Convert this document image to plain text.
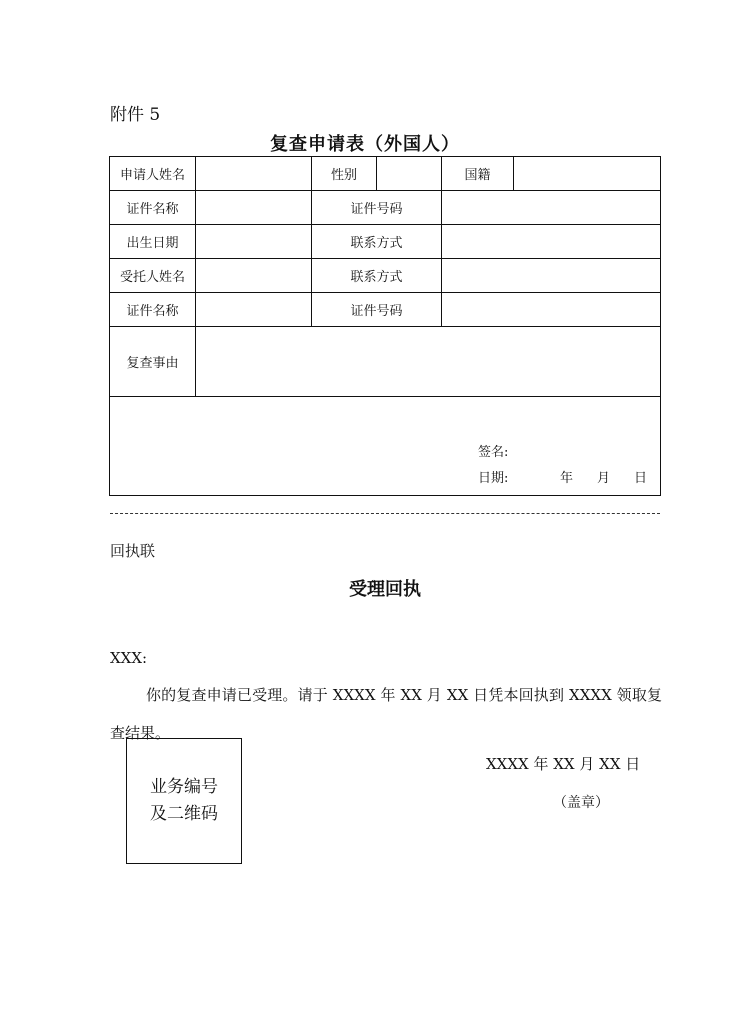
附件 5
复查申请表（外国人）
申请人姓名		性别		国籍	
证件名称		证件号码			
出生日期		联系方式			
受托人姓名		联系方式			
证件名称		证件号码			
复查事由					

签名:
日期: 年 月 日					
回执联
受理回执
XXX:
你的复查申请已受理。请于 XXXX 年 XX 月 XX 日凭本回执到 XXXX 领取复查结果。
业务编号及二维码
XXXX 年 XX 月 XX 日
（盖章）
